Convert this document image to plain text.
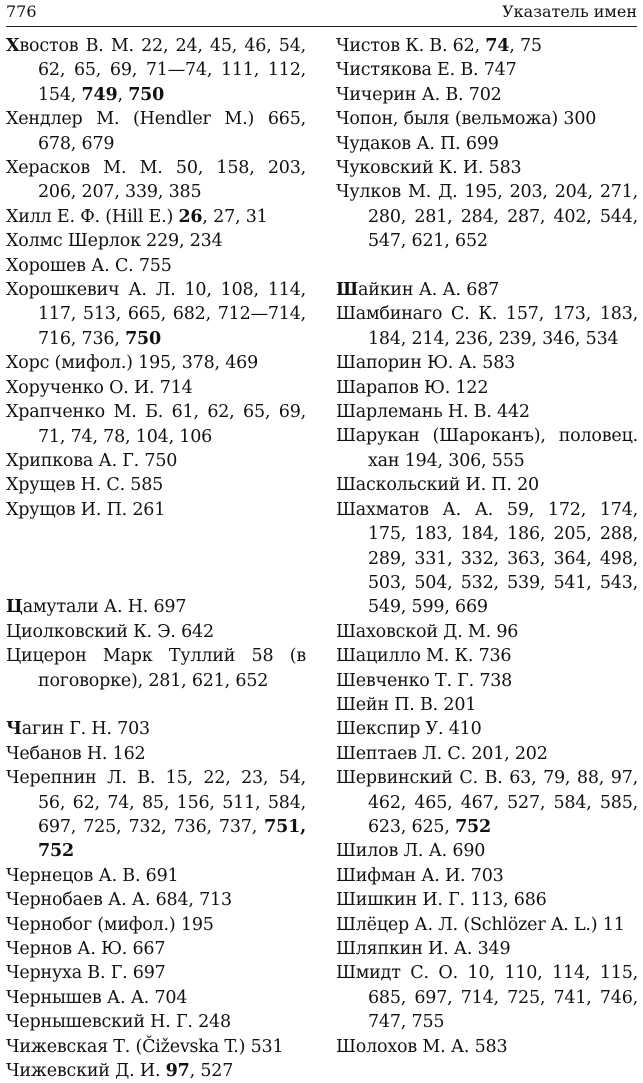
776	Указатель имен
Хвостов В. М. 22, 24, 45, 46, 54, 62, 65, 69, 71—74, 111, 112, 154, 749, 750
Хендлер М. (Hendler M.) 665, 678, 679
Херасков М. М. 50, 158, 203, 206, 207, 339, 385
Хилл Е. Ф. (Hill E.) 26, 27, 31
Холмс Шерлок 229, 234
Хорошев А. С. 755
Хорошкевич А. Л. 10, 108, 114, 117, 513, 665, 682, 712—714, 716, 736, 750
Хорс (мифол.) 195, 378, 469
Хорученко О. И. 714
Храпченко М. Б. 61, 62, 65, 69, 71, 74, 78, 104, 106
Хрипкова А. Г. 750
Хрущев Н. С. 585
Хрущов И. П. 261
Цамутали А. Н. 697
Циолковский К. Э. 642
Цицерон Марк Туллий 58 (в поговорке), 281, 621, 652
Чагин Г. Н. 703
Чебанов Н. 162
Черепнин Л. В. 15, 22, 23, 54, 56, 62, 74, 85, 156, 511, 584, 697, 725, 732, 736, 737, 751, 752
Чернецов А. В. 691
Чернобаев А. А. 684, 713
Чернобог (мифол.) 195
Чернов А. Ю. 667
Чернуха В. Г. 697
Чернышев А. А. 704
Чернышевский Н. Г. 248
Чижевская Т. (Čiževska T.) 531
Чижевский Д. И. 97, 527
Чистов К. В. 62, 74, 75
Чистякова Е. В. 747
Чичерин А. В. 702
Чопон, быля (вельможа) 300
Чудаков А. П. 699
Чуковский К. И. 583
Чулков М. Д. 195, 203, 204, 271, 280, 281, 284, 287, 402, 544, 547, 621, 652
Шайкин А. А. 687
Шамбинаго С. К. 157, 173, 183, 184, 214, 236, 239, 346, 534
Шапорин Ю. А. 583
Шарапов Ю. 122
Шарлемань Н. В. 442
Шарукан (Шароканъ), половец. хан 194, 306, 555
Шаскольский И. П. 20
Шахматов А. А. 59, 172, 174, 175, 183, 184, 186, 205, 288, 289, 331, 332, 363, 364, 498, 503, 504, 532, 539, 541, 543, 549, 599, 669
Шаховской Д. М. 96
Шацилло М. К. 736
Шевченко Т. Г. 738
Шейн П. В. 201
Шекспир У. 410
Шептаев Л. С. 201, 202
Шервинский С. В. 63, 79, 88, 97, 462, 465, 467, 527, 584, 585, 623, 625, 752
Шилов Л. А. 690
Шифман А. И. 703
Шишкин И. Г. 113, 686
Шлёцер А. Л. (Schlözer A. L.) 11
Шляпкин И. А. 349
Шмидт С. О. 10, 110, 114, 115, 685, 697, 714, 725, 741, 746, 747, 755
Шолохов М. А. 583
